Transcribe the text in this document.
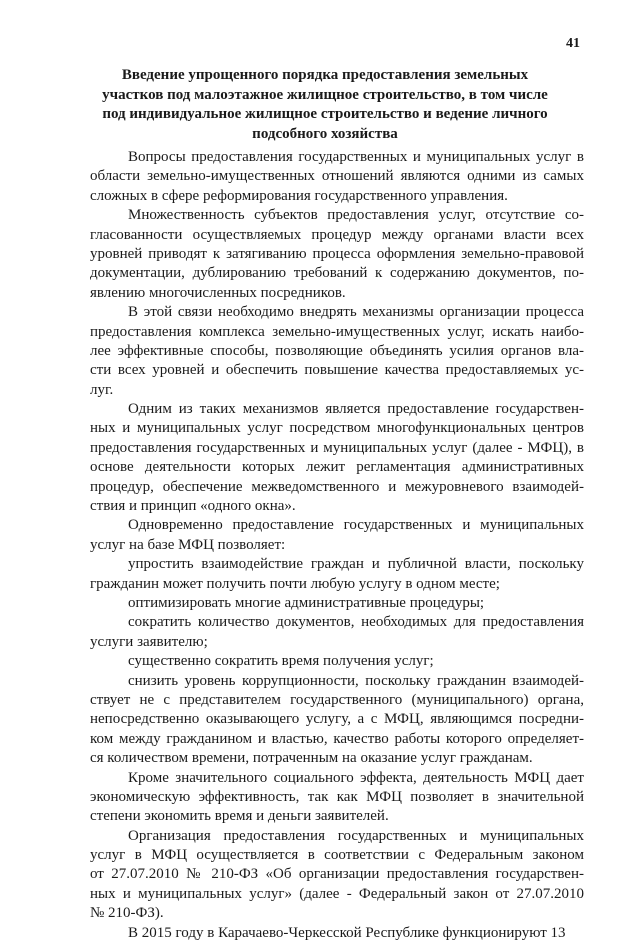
41
Введение упрощенного порядка предоставления земельных
участков под малоэтажное жилищное строительство, в том числе
под индивидуальное жилищное строительство и ведение личного
подсобного хозяйства
Вопросы предоставления государственных и муниципальных услуг в
области земельно-имущественных отношений являются одними из самых
сложных в сфере реформирования государственного управления.
Множественность субъектов предоставления услуг, отсутствие со-
гласованности осуществляемых процедур между органами власти всех
уровней приводят к затягиванию процесса оформления земельно-правовой
документации, дублированию требований к содержанию документов, по-
явлению многочисленных посредников.
В этой связи необходимо внедрять механизмы организации процесса
предоставления комплекса земельно-имущественных услуг, искать наибо-
лее эффективные способы, позволяющие объединять усилия органов вла-
сти всех уровней и обеспечить повышение качества предоставляемых ус-
луг.
Одним из таких механизмов является предоставление государствен-
ных и муниципальных услуг посредством многофункциональных центров
предоставления государственных и муниципальных услуг (далее - МФЦ), в
основе деятельности которых лежит регламентация административных
процедур, обеспечение межведомственного и межуровневого взаимодей-
ствия и принцип «одного окна».
Одновременно предоставление государственных и муниципальных
услуг на базе МФЦ позволяет:
упростить взаимодействие граждан и публичной власти, поскольку
гражданин может получить почти любую услугу в одном месте;
оптимизировать многие административные процедуры;
сократить количество документов, необходимых для предоставления
услуги заявителю;
существенно сократить время получения услуг;
снизить уровень коррупционности, поскольку гражданин взаимодей-
ствует не с представителем государственного (муниципального) органа,
непосредственно оказывающего услугу, а с МФЦ, являющимся посредни-
ком между гражданином и властью, качество работы которого определяет-
ся количеством времени, потраченным на оказание услуг гражданам.
Кроме значительного социального эффекта, деятельность МФЦ дает
экономическую эффективность, так как МФЦ позволяет в значительной
степени экономить время и деньги заявителей.
Организация предоставления государственных и муниципальных
услуг в МФЦ осуществляется в соответствии с Федеральным законом
от 27.07.2010 № 210-ФЗ «Об организации предоставления государствен-
ных и муниципальных услуг» (далее - Федеральный закон от 27.07.2010
№ 210-ФЗ).
В 2015 году в Карачаево-Черкесской Республике функционируют 13
